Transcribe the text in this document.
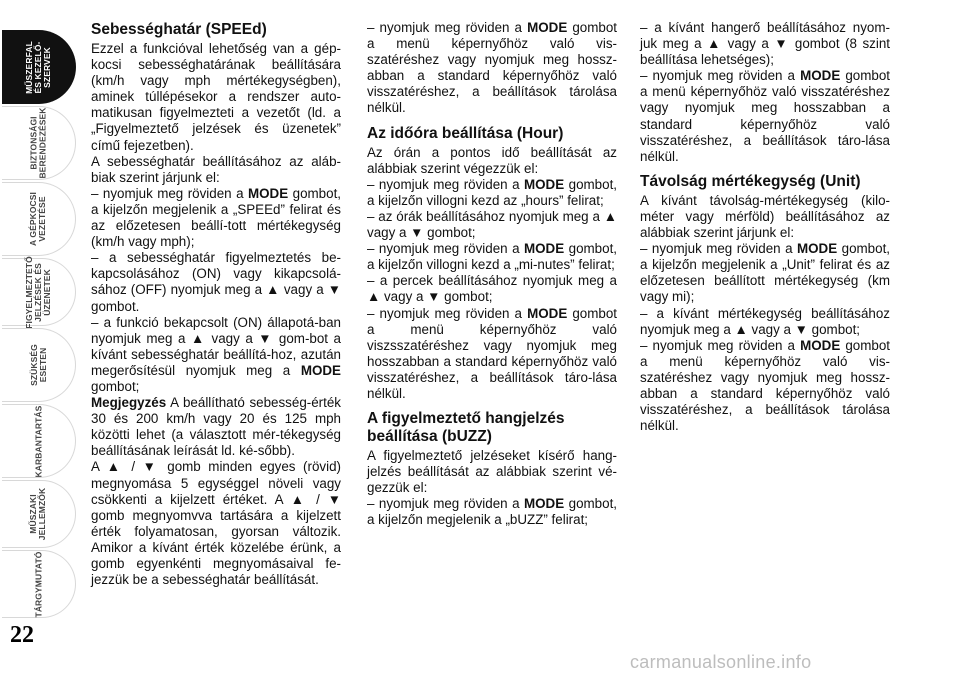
MŰSZERFAL
ÉS KEZELŐ-
SZERVEK
BIZTONSÁGI
BERENDEZÉSEK
A GÉPKOCSI
VEZETÉSE
FIGYELMEZTETŐ
JELZÉSEK ÉS
ÜZENETEK
SZÜKSÉG
ESETEN
KARBANTARTÁS
MŰSZAKI
JELLEMZŐK
TÁRGYMUTATÓ
22
Sebességhatár (SPEEd)

Ezzel a funkcióval lehetőség van a gép-kocsi sebességhatárának beállítására (km/h vagy mph mértékegységben), aminek túllépésekor a rendszer auto-matikusan figyelmezteti a vezetőt (ld. a „Figyelmeztető jelzések és üzenetek” című fejezetben).

A sebességhatár beállításához az aláb-biak szerint járjunk el:

– nyomjuk meg röviden a MODE gombot, a kijelzőn megjelenik a „SPEEd” felirat és az előzetesen beállí-tott mértékegység (km/h vagy mph);

– a sebességhatár figyelmeztetés be-kapcsolásához (ON) vagy kikapcsolá-sához (OFF) nyomjuk meg a ▲ vagy a ▼ gombot.

– a funkció bekapcsolt (ON) állapotá-ban nyomjuk meg a ▲ vagy a ▼ gom-bot a kívánt sebességhatár beállítá-hoz, azután megerősítésül nyomjuk meg a MODE gombot;

Megjegyzés A beállítható sebesség-érték 30 és 200 km/h vagy 20 és 125 mph közötti lehet (a választott mér-tékegység beállításának leírását ld. ké-sőbb).

A ▲ / ▼ gomb minden egyes (rövid) megnyomása 5 egységgel növeli vagy csökkenti a kijelzett értéket. A ▲ / ▼ gomb megnyomvva tartására a kijelzett érték folyamatosan, gyorsan változik. Amikor a kívánt érték közelébe érünk, a gomb egyenkénti megnyomásaival fe-jezzük be a sebességhatár beállítását.

– nyomjuk meg röviden a MODE gombot a menü képernyőhöz való vis-szatéréshez vagy nyomjuk meg hossz-abban a standard képernyőhöz való visszatéréshez, a beállítások tárolása nélkül.

Az időóra beállítása (Hour)

Az órán a pontos idő beállítását az alábbiak szerint végezzük el:

– nyomjuk meg röviden a MODE gombot, a kijelzőn villogni kezd az „hours” felirat;

– az órák beállításához nyomjuk meg a ▲ vagy a ▼ gombot;

– nyomjuk meg röviden a MODE gombot, a kijelzőn villogni kezd a „mi-nutes” felirat;

– a percek beállításához nyomjuk meg a ▲ vagy a ▼ gombot;

– nyomjuk meg röviden a MODE gombot a menü képernyőhöz való viszsszatéréshez vagy nyomjuk meg hosszabban a standard képernyőhöz való visszatéréshez, a beállítások táro-lása nélkül.

A figyelmeztető hangjelzés beállítása (bUZZ)

A figyelmeztető jelzéseket kísérő hang-jelzés beállítását az alábbiak szerint vé-gezzük el:

– nyomjuk meg röviden a MODE gombot, a kijelzőn megjelenik a „bUZZ” felirat;

– a kívánt hangerő beállításához nyom-juk meg a ▲ vagy a ▼ gombot (8 szint beállítása lehetséges);

– nyomjuk meg röviden a MODE gombot a menü képernyőhöz való visszatéréshez vagy nyomjuk meg hosszabban a standard képernyőhöz való visszatéréshez, a beállítások táro-lása nélkül.

Távolság mértékegység (Unit)

A kívánt távolság-mértékegység (kilo-méter vagy mérföld) beállításához az alábbiak szerint járjunk el:

– nyomjuk meg röviden a MODE gombot, a kijelzőn megjelenik a „Unit” felirat és az előzetesen beállított mértékegység (km vagy mi);

– a kívánt mértékegység beállításához nyomjuk meg a ▲ vagy a ▼ gombot;

– nyomjuk meg röviden a MODE gombot a menü képernyőhöz való vis-szatéréshez vagy nyomjuk meg hossz-abban a standard képernyőhöz való visszatéréshez, a beállítások tárolása nélkül.

carmanualsonline.info
